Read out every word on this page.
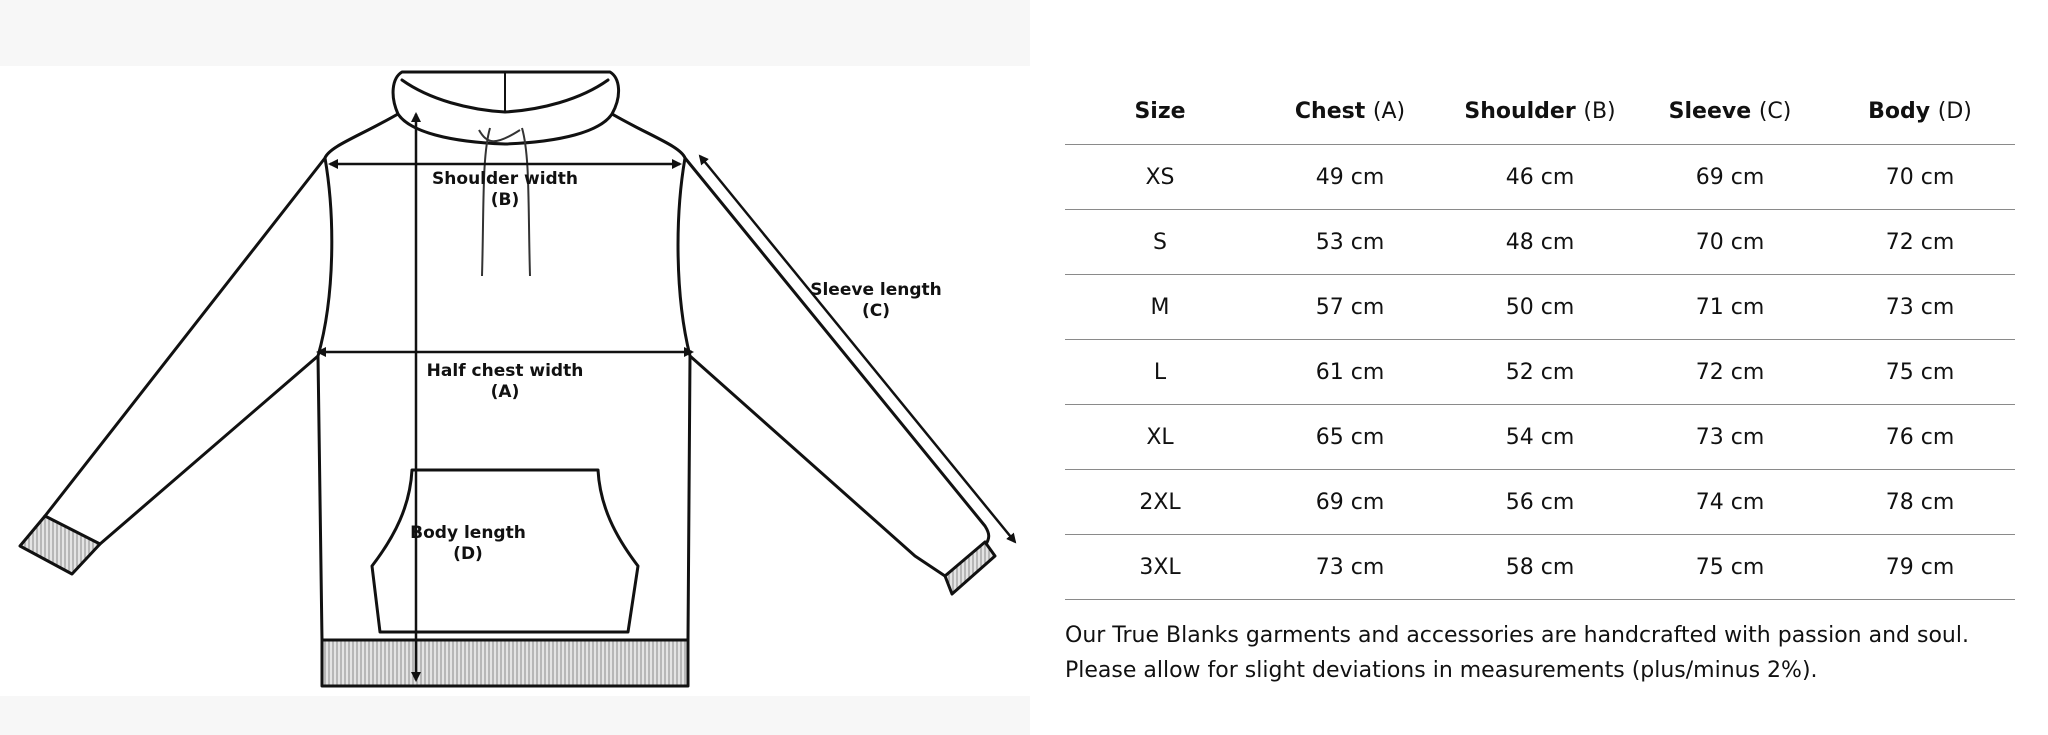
Shoulder width
(B)
Half chest width
(A)
Sleeve length
(C)
Body length
(D)
Size	Chest (A)	Shoulder (B)	Sleeve (C)	Body (D)
XS	49 cm	46 cm	69 cm	70 cm
S	53 cm	48 cm	70 cm	72 cm
M	57 cm	50 cm	71 cm	73 cm
L	61 cm	52 cm	72 cm	75 cm
XL	65 cm	54 cm	73 cm	76 cm
2XL	69 cm	56 cm	74 cm	78 cm
3XL	73 cm	58 cm	75 cm	79 cm
Our True Blanks garments and accessories are handcrafted with passion and soul.
Please allow for slight deviations in measurements (plus/minus 2%).
